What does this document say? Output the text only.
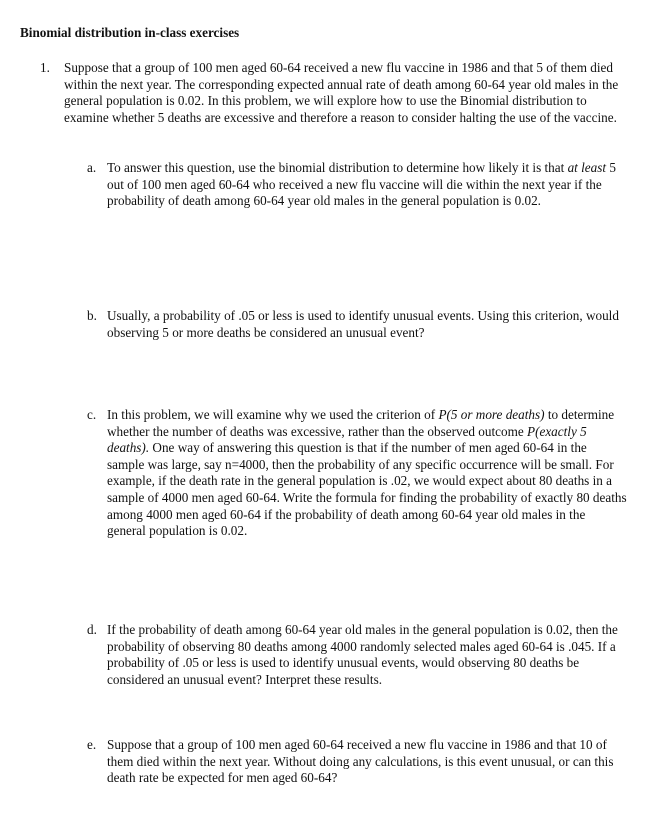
Binomial distribution in-class exercises
1. Suppose that a group of 100 men aged 60-64 received a new flu vaccine in 1986 and that 5 of them died within the next year. The corresponding expected annual rate of death among 60-64 year old males in the general population is 0.02. In this problem, we will explore how to use the Binomial distribution to examine whether 5 deaths are excessive and therefore a reason to consider halting the use of the vaccine.

a. To answer this question, use the binomial distribution to determine how likely it is that at least 5 out of 100 men aged 60-64 who received a new flu vaccine will die within the next year if the probability of death among 60-64 year old males in the general population is 0.02.

b. Usually, a probability of .05 or less is used to identify unusual events. Using this criterion, would observing 5 or more deaths be considered an unusual event?

c. In this problem, we will examine why we used the criterion of P(5 or more deaths) to determine whether the number of deaths was excessive, rather than the observed outcome P(exactly 5 deaths). One way of answering this question is that if the number of men aged 60-64 in the sample was large, say n=4000, then the probability of any specific occurrence will be small. For example, if the death rate in the general population is .02, we would expect about 80 deaths in a sample of 4000 men aged 60-64. Write the formula for finding the probability of exactly 80 deaths among 4000 men aged 60-64 if the probability of death among 60-64 year old males in the general population is 0.02.

d. If the probability of death among 60-64 year old males in the general population is 0.02, then the probability of observing 80 deaths among 4000 randomly selected males aged 60-64 is .045. If a probability of .05 or less is used to identify unusual events, would observing 80 deaths be considered an unusual event? Interpret these results.

e. Suppose that a group of 100 men aged 60-64 received a new flu vaccine in 1986 and that 10 of them died within the next year. Without doing any calculations, is this event unusual, or can this death rate be expected for men aged 60-64?
